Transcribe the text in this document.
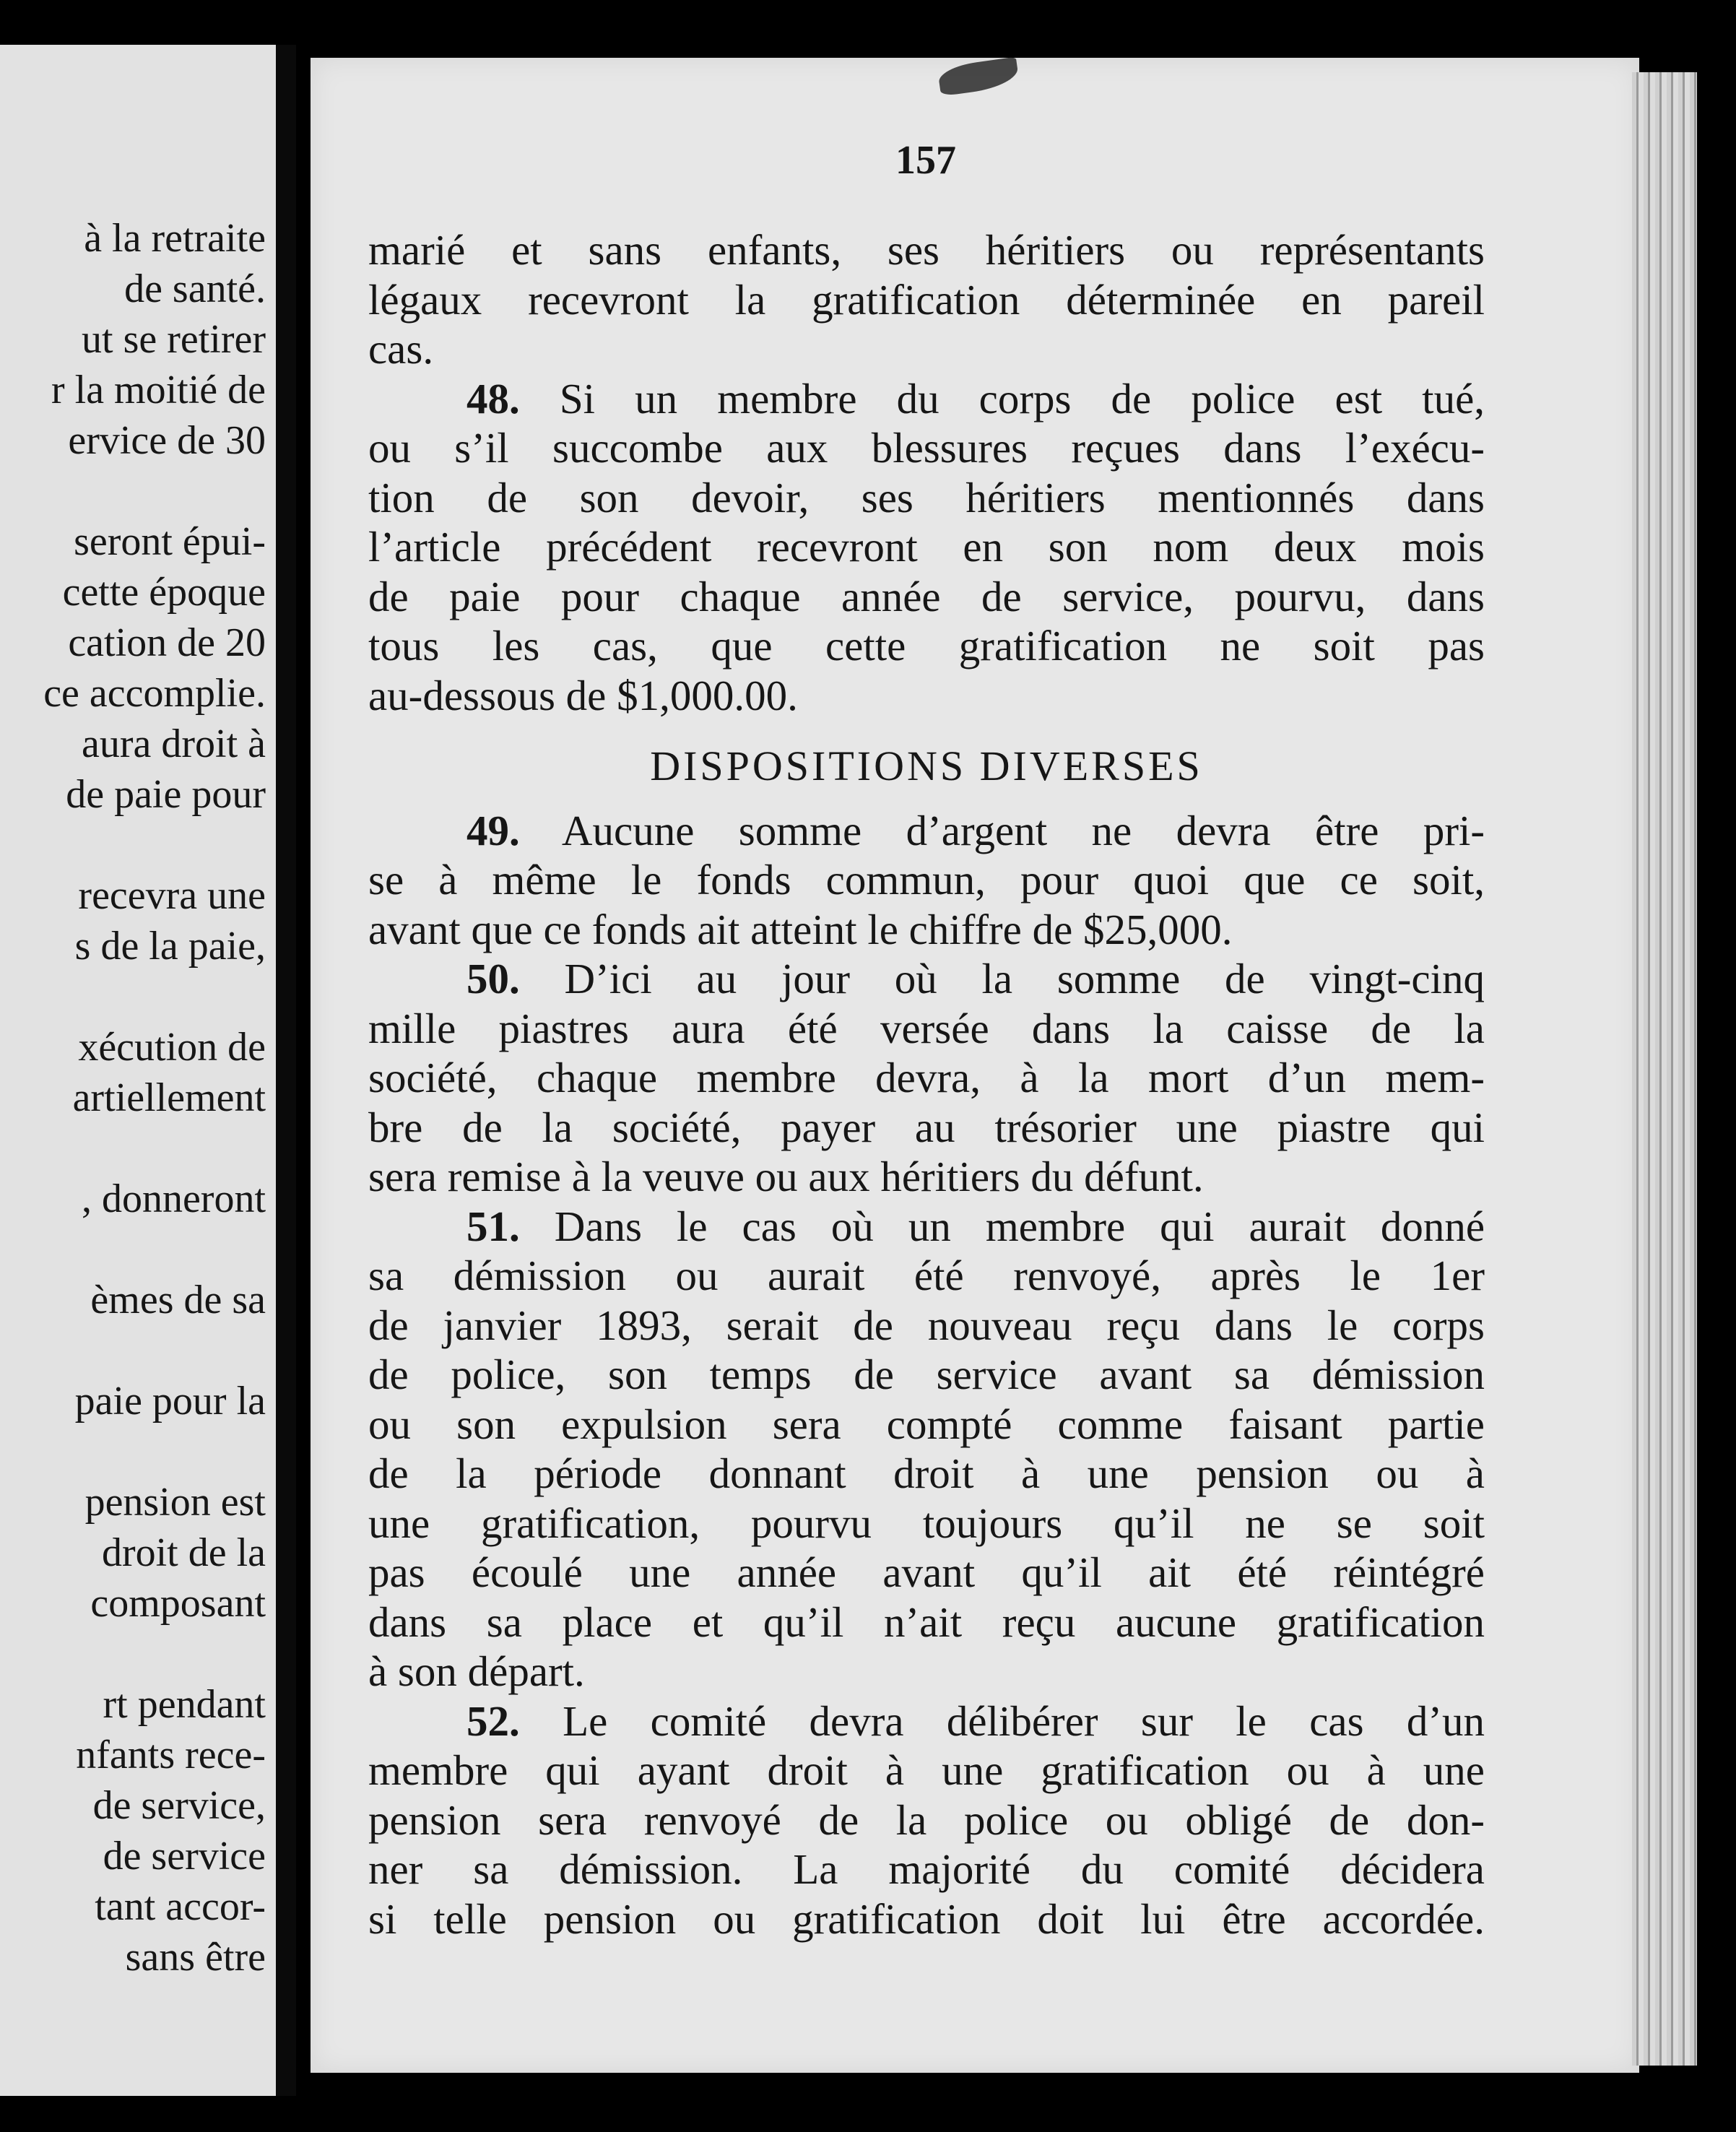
à la retraite
de santé.
ut se retirer
r la moitié de
ervice de 30
seront épui-
cette époque
cation de 20
ce accomplie.
aura droit à
de paie pour
recevra une
s de la paie,
xécution de
artiellement
, donneront
èmes de sa
paie pour la
pension est
droit de la
composant
rt pendant
nfants rece-
de service,
de service
tant accor-
sans être
157
marié et sans enfants, ses héritiers ou représentants
légaux recevront la gratification déterminée en pareil
cas.
48. Si un membre du corps de police est tué,
ou s’il succombe aux blessures reçues dans l’exécu-
tion de son devoir, ses héritiers mentionnés dans
l’article précédent recevront en son nom deux mois
de paie pour chaque année de service, pourvu, dans
tous les cas, que cette gratification ne soit pas
au-dessous de $1,000.00.
DISPOSITIONS DIVERSES
49. Aucune somme d’argent ne devra être pri-
se à même le fonds commun, pour quoi que ce soit,
avant que ce fonds ait atteint le chiffre de $25,000.
50. D’ici au jour où la somme de vingt-cinq
mille piastres aura été versée dans la caisse de la
société, chaque membre devra, à la mort d’un mem-
bre de la société, payer au trésorier une piastre qui
sera remise à la veuve ou aux héritiers du défunt.
51. Dans le cas où un membre qui aurait donné
sa démission ou aurait été renvoyé, après le 1er
de janvier 1893, serait de nouveau reçu dans le corps
de police, son temps de service avant sa démission
ou son expulsion sera compté comme faisant partie
de la période donnant droit à une pension ou à
une gratification, pourvu toujours qu’il ne se soit
pas écoulé une année avant qu’il ait été réintégré
dans sa place et qu’il n’ait reçu aucune gratification
à son départ.
52. Le comité devra délibérer sur le cas d’un
membre qui ayant droit à une gratification ou à une
pension sera renvoyé de la police ou obligé de don-
ner sa démission. La majorité du comité décidera
si telle pension ou gratification doit lui être accordée.
